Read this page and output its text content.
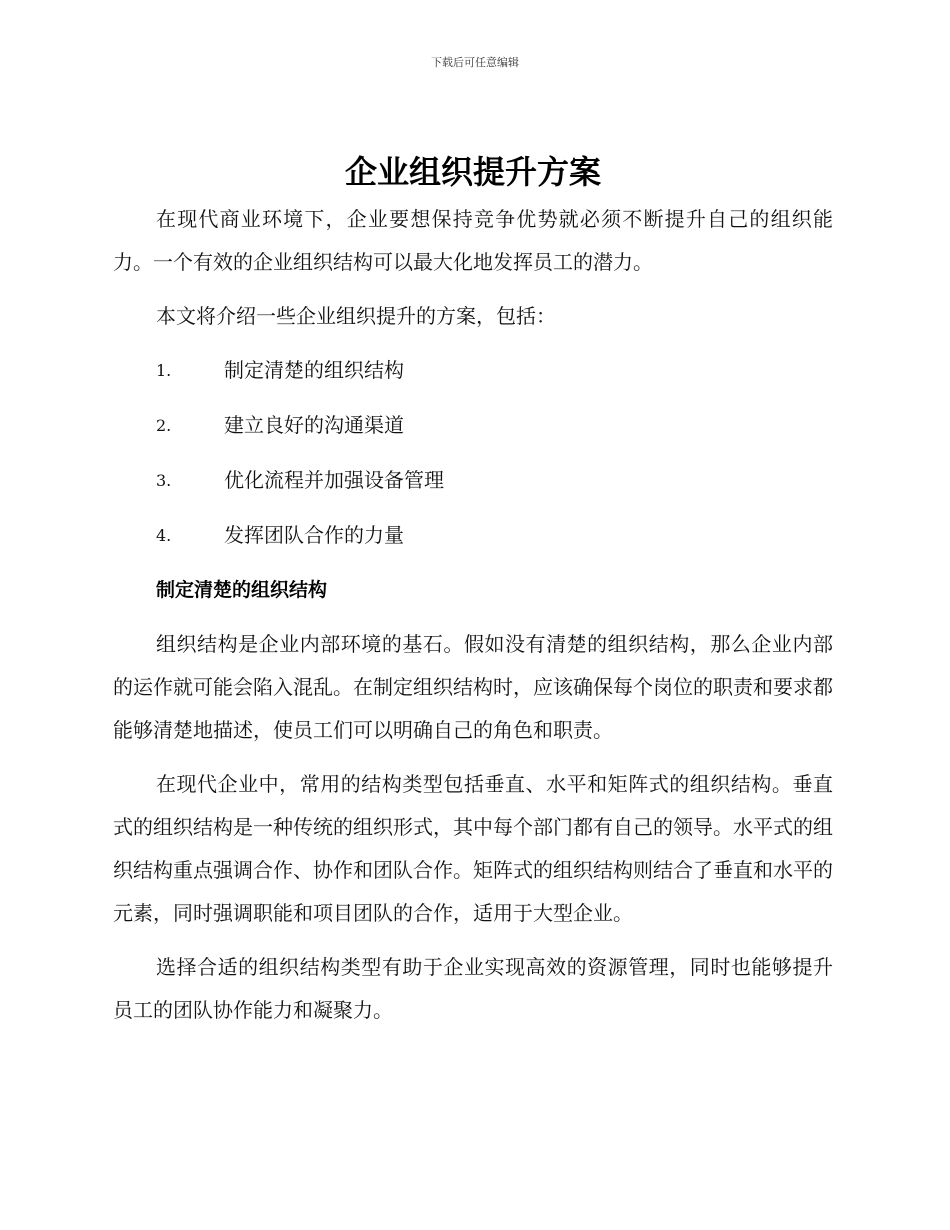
下载后可任意编辑
企业组织提升方案

在现代商业环境下，企业要想保持竞争优势就必须不断提升自己的组织能力。一个有效的企业组织结构可以最大化地发挥员工的潜力。

本文将介绍一些企业组织提升的方案，包括：

1.	制定清楚的组织结构
2.	建立良好的沟通渠道
3.	优化流程并加强设备管理
4.	发挥团队合作的力量
制定清楚的组织结构

组织结构是企业内部环境的基石。假如没有清楚的组织结构，那么企业内部的运作就可能会陷入混乱。在制定组织结构时，应该确保每个岗位的职责和要求都能够清楚地描述，使员工们可以明确自己的角色和职责。

在现代企业中，常用的结构类型包括垂直、水平和矩阵式的组织结构。垂直式的组织结构是一种传统的组织形式，其中每个部门都有自己的领导。水平式的组织结构重点强调合作、协作和团队合作。矩阵式的组织结构则结合了垂直和水平的元素，同时强调职能和项目团队的合作，适用于大型企业。

选择合适的组织结构类型有助于企业实现高效的资源管理，同时也能够提升员工的团队协作能力和凝聚力。
